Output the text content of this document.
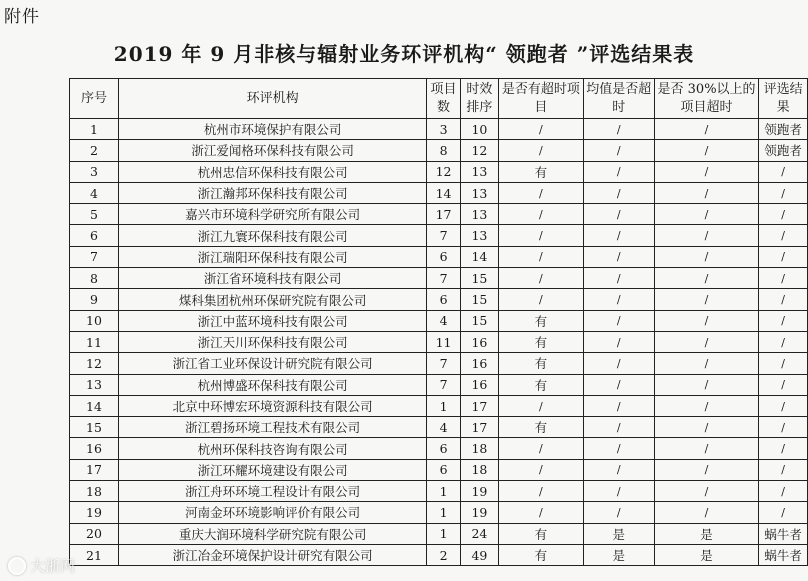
附件
2019 年 9 月非核与辐射业务环评机构“ 领跑者 ”评选结果表
序号	环评机构	项目数	时效排序	是否有超时项目	均值是否超时	是否 30%以上的项目超时	评选结果
1	杭州市环境保护有限公司	3	10	/	/	/	领跑者
2	浙江爱闻格环保科技有限公司	8	12	/	/	/	领跑者
3	杭州忠信环保科技有限公司	12	13	有	/	/	/
4	浙江瀚邦环保科技有限公司	14	13	/	/	/	/
5	嘉兴市环境科学研究所有限公司	17	13	/	/	/	/
6	浙江九寰环保科技有限公司	7	13	/	/	/	/
7	浙江瑞阳环保科技有限公司	6	14	/	/	/	/
8	浙江省环境科技有限公司	7	15	/	/	/	/
9	煤科集团杭州环保研究院有限公司	6	15	/	/	/	/
10	浙江中蓝环境科技有限公司	4	15	有	/	/	/
11	浙江天川环保科技有限公司	11	16	有	/	/	/
12	浙江省工业环保设计研究院有限公司	7	16	有	/	/	/
13	杭州博盛环保科技有限公司	7	16	有	/	/	/
14	北京中环博宏环境资源科技有限公司	1	17	/	/	/	/
15	浙江碧扬环境工程技术有限公司	4	17	有	/	/	/
16	杭州环保科技咨询有限公司	6	18	/	/	/	/
17	浙江环耀环境建设有限公司	6	18	/	/	/	/
18	浙江舟环环境工程设计有限公司	1	19	/	/	/	/
19	河南金环环境影响评价有限公司	1	19	/	/	/	/
20	重庆大润环境科学研究院有限公司	1	24	有	是	是	蜗牛者
21	浙江冶金环境保护设计研究有限公司	2	49	有	是	是	蜗牛者
大浙网
